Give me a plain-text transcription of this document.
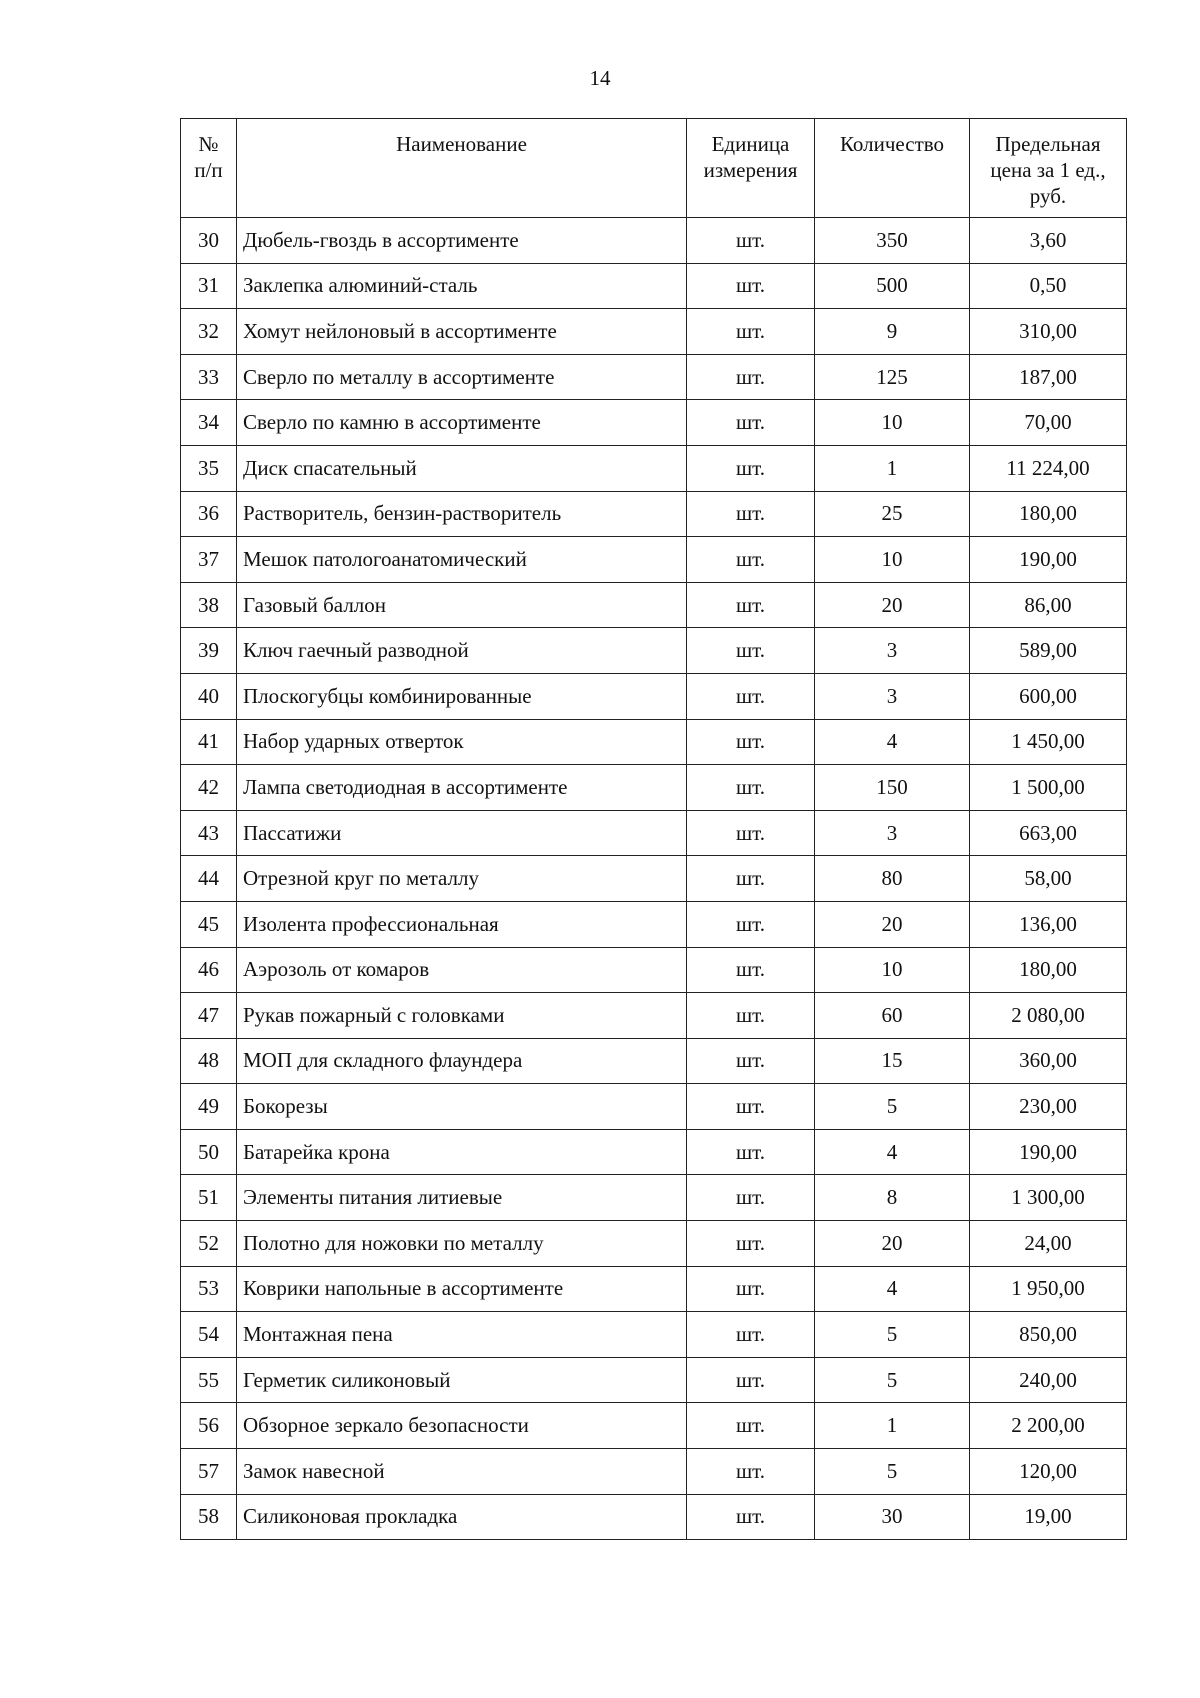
14
№ п/п	Наименование	Единица измерения	Количество	Предельная цена за 1 ед., руб.
30	Дюбель-гвоздь в ассортименте	шт.	350	3,60
31	Заклепка алюминий-сталь	шт.	500	0,50
32	Хомут нейлоновый в ассортименте	шт.	9	310,00
33	Сверло по металлу в ассортименте	шт.	125	187,00
34	Сверло по камню в ассортименте	шт.	10	70,00
35	Диск спасательный	шт.	1	11 224,00
36	Растворитель, бензин-растворитель	шт.	25	180,00
37	Мешок патологоанатомический	шт.	10	190,00
38	Газовый баллон	шт.	20	86,00
39	Ключ гаечный разводной	шт.	3	589,00
40	Плоскогубцы комбинированные	шт.	3	600,00
41	Набор ударных отверток	шт.	4	1 450,00
42	Лампа светодиодная в ассортименте	шт.	150	1 500,00
43	Пассатижи	шт.	3	663,00
44	Отрезной круг по металлу	шт.	80	58,00
45	Изолента профессиональная	шт.	20	136,00
46	Аэрозоль от комаров	шт.	10	180,00
47	Рукав пожарный с головками	шт.	60	2 080,00
48	МОП для складного флаундера	шт.	15	360,00
49	Бокорезы	шт.	5	230,00
50	Батарейка крона	шт.	4	190,00
51	Элементы питания литиевые	шт.	8	1 300,00
52	Полотно для ножовки по металлу	шт.	20	24,00
53	Коврики напольные в ассортименте	шт.	4	1 950,00
54	Монтажная пена	шт.	5	850,00
55	Герметик силиконовый	шт.	5	240,00
56	Обзорное зеркало безопасности	шт.	1	2 200,00
57	Замок навесной	шт.	5	120,00
58	Силиконовая прокладка	шт.	30	19,00
